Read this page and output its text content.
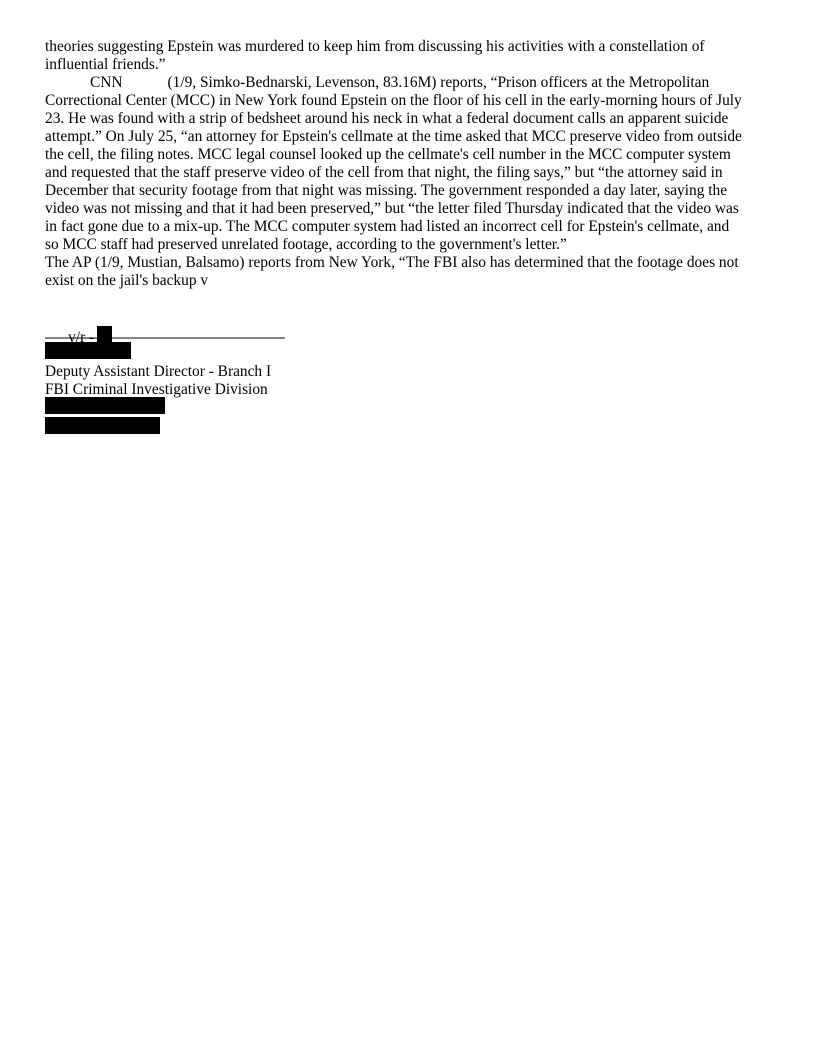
theories suggesting Epstein was murdered to keep him from discussing his activities with a constellation of
influential friends.”
CNN	(1/9, Simko-Bednarski, Levenson, 83.16M) reports, “Prison officers at the Metropolitan
Correctional Center (MCC) in New York found Epstein on the floor of his cell in the early-morning hours of July
23. He was found with a strip of bedsheet around his neck in what a federal document calls an apparent suicide
attempt.” On July 25, “an attorney for Epstein's cellmate at the time asked that MCC preserve video from outside
the cell, the filing notes. MCC legal counsel looked up the cellmate's cell number in the MCC computer system
and requested that the staff preserve video of the cell from that night, the filing says,” but “the attorney said in
December that security footage from that night was missing. The government responded a day later, saying the
video was not missing and that it had been preserved,” but “the letter filed Thursday indicated that the video was
in fact gone due to a mix-up. The MCC computer system had listed an incorrect cell for Epstein's cellmate, and
so MCC staff had preserved unrelated footage, according to the government's letter.”
The AP (1/9, Mustian, Balsamo) reports from New York, “The FBI also has determined that the footage does not
exist on the jail's backup v

v/r -

Deputy Assistant Director - Branch I
FBI Criminal Investigative Division
